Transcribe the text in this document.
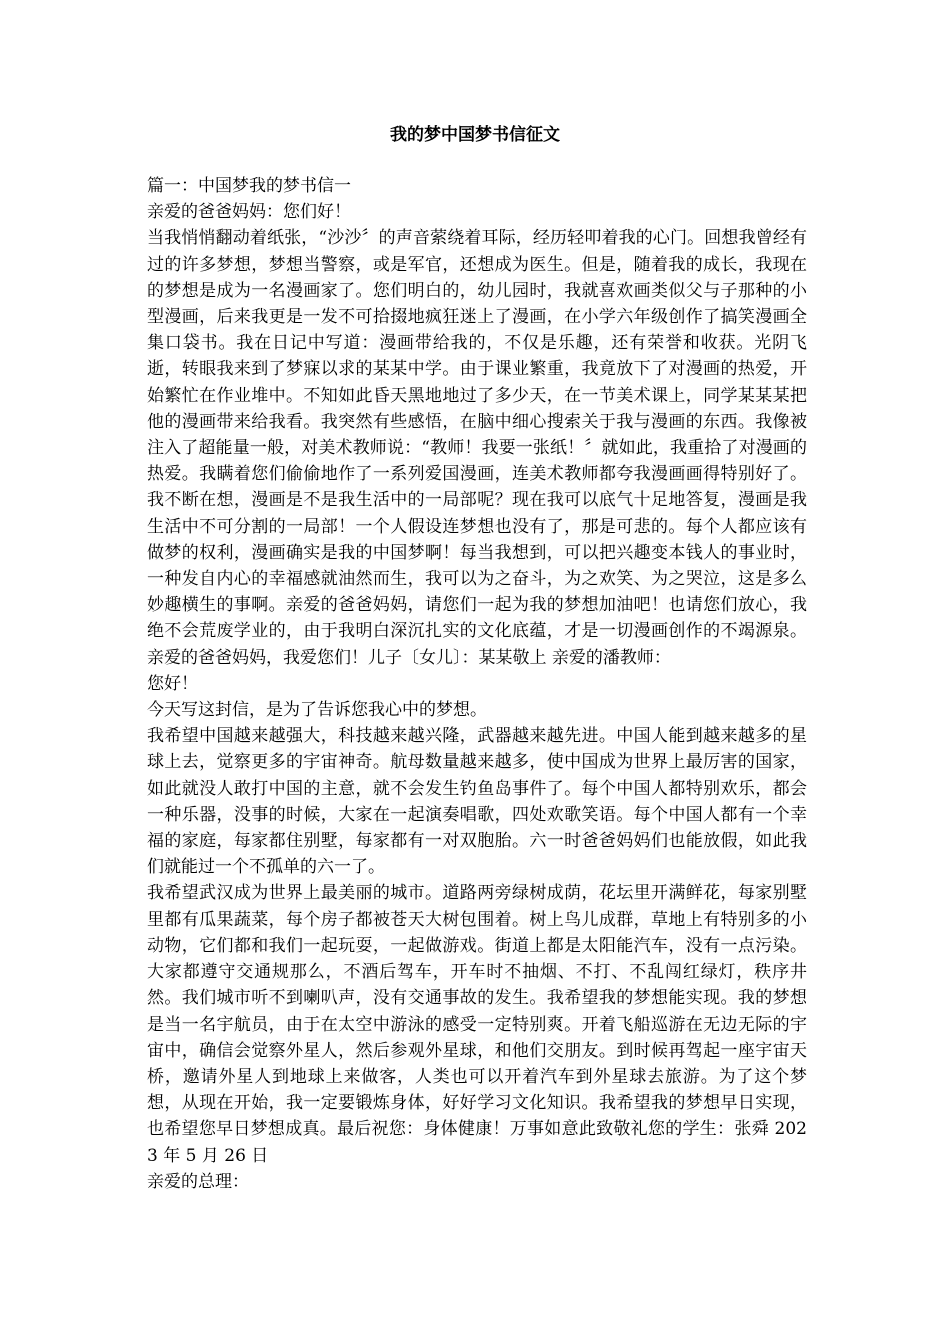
我的梦中国梦书信征文

篇一：中国梦我的梦书信一

亲爱的爸爸妈妈：您们好！

当我悄悄翻动着纸张，“沙沙〞的声音萦绕着耳际，经历轻叩着我的心门。回想我曾经有过的许多梦想，梦想当警察，或是军官，还想成为医生。但是，随着我的成长，我现在的梦想是成为一名漫画家了。您们明白的，幼儿园时，我就喜欢画类似父与子那种的小型漫画，后来我更是一发不可拾掇地疯狂迷上了漫画，在小学六年级创作了搞笑漫画全集口袋书。我在日记中写道：漫画带给我的，不仅是乐趣，还有荣誉和收获。光阴飞逝，转眼我来到了梦寐以求的某某中学。由于课业繁重，我竟放下了对漫画的热爱，开始繁忙在作业堆中。不知如此昏天黑地地过了多少天，在一节美术课上，同学某某某把他的漫画带来给我看。我突然有些感悟，在脑中细心搜索关于我与漫画的东西。我像被注入了超能量一般，对美术教师说：“教师！我要一张纸！〞就如此，我重拾了对漫画的热爱。我瞒着您们偷偷地作了一系列爱国漫画，连美术教师都夸我漫画画得特别好了。我不断在想，漫画是不是我生活中的一局部呢？现在我可以底气十足地答复，漫画是我生活中不可分割的一局部！一个人假设连梦想也没有了，那是可悲的。每个人都应该有做梦的权利，漫画确实是我的中国梦啊！每当我想到，可以把兴趣变本钱人的事业时，一种发自内心的幸福感就油然而生，我可以为之奋斗，为之欢笑、为之哭泣，这是多么妙趣横生的事啊。亲爱的爸爸妈妈，请您们一起为我的梦想加油吧！也请您们放心，我绝不会荒废学业的，由于我明白深沉扎实的文化底蕴，才是一切漫画创作的不竭源泉。亲爱的爸爸妈妈，我爱您们！儿子〔女儿〕：某某敬上 亲爱的潘教师：

您好！

今天写这封信，是为了告诉您我心中的梦想。

我希望中国越来越强大，科技越来越兴隆，武器越来越先进。中国人能到越来越多的星球上去，觉察更多的宇宙神奇。航母数量越来越多，使中国成为世界上最厉害的国家，如此就没人敢打中国的主意，就不会发生钓鱼岛事件了。每个中国人都特别欢乐，都会一种乐器，没事的时候，大家在一起演奏唱歌，四处欢歌笑语。每个中国人都有一个幸福的家庭，每家都住别墅，每家都有一对双胞胎。六一时爸爸妈妈们也能放假，如此我们就能过一个不孤单的六一了。

我希望武汉成为世界上最美丽的城市。道路两旁绿树成荫，花坛里开满鲜花，每家别墅里都有瓜果蔬菜，每个房子都被苍天大树包围着。树上鸟儿成群，草地上有特别多的小动物，它们都和我们一起玩耍，一起做游戏。街道上都是太阳能汽车，没有一点污染。大家都遵守交通规那么，不酒后驾车，开车时不抽烟、不打、不乱闯红绿灯，秩序井然。我们城市听不到喇叭声，没有交通事故的发生。我希望我的梦想能实现。我的梦想是当一名宇航员，由于在太空中游泳的感受一定特别爽。开着飞船巡游在无边无际的宇宙中，确信会觉察外星人，然后参观外星球，和他们交朋友。到时候再驾起一座宇宙天桥，邀请外星人到地球上来做客，人类也可以开着汽车到外星球去旅游。为了这个梦想，从现在开始，我一定要锻炼身体，好好学习文化知识。我希望我的梦想早日实现，也希望您早日梦想成真。最后祝您：身体健康！万事如意此致敬礼您的学生：张舜 2023 年 5 月 26 日

亲爱的总理：
